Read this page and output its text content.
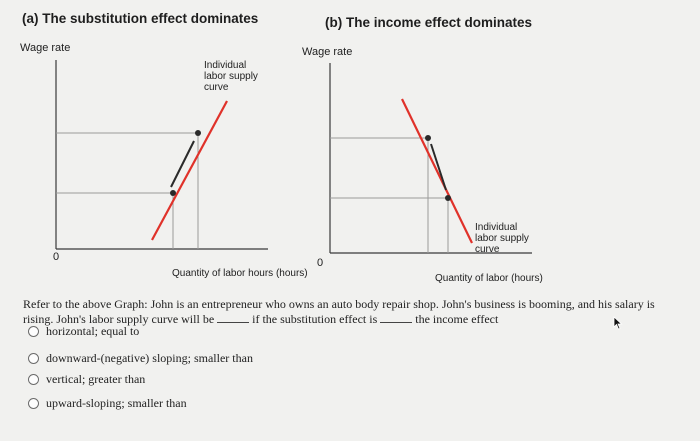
(a) The substitution effect dominates	(b) The income effect dominates
Wage rate	Wage rate
Individual
labor supply
curve
Individual
labor supply
curve
0	0
Quantity of labor hours (hours)	Quantity of labor (hours)
Refer to the above Graph: John is an entrepreneur who owns an auto body repair shop. John's business is booming, and his salary is rising. John's labor supply curve will be	if the substitution effect is	the income effect
horizontal; equal to
downward-(negative) sloping; smaller than
vertical; greater than
upward-sloping; smaller than
